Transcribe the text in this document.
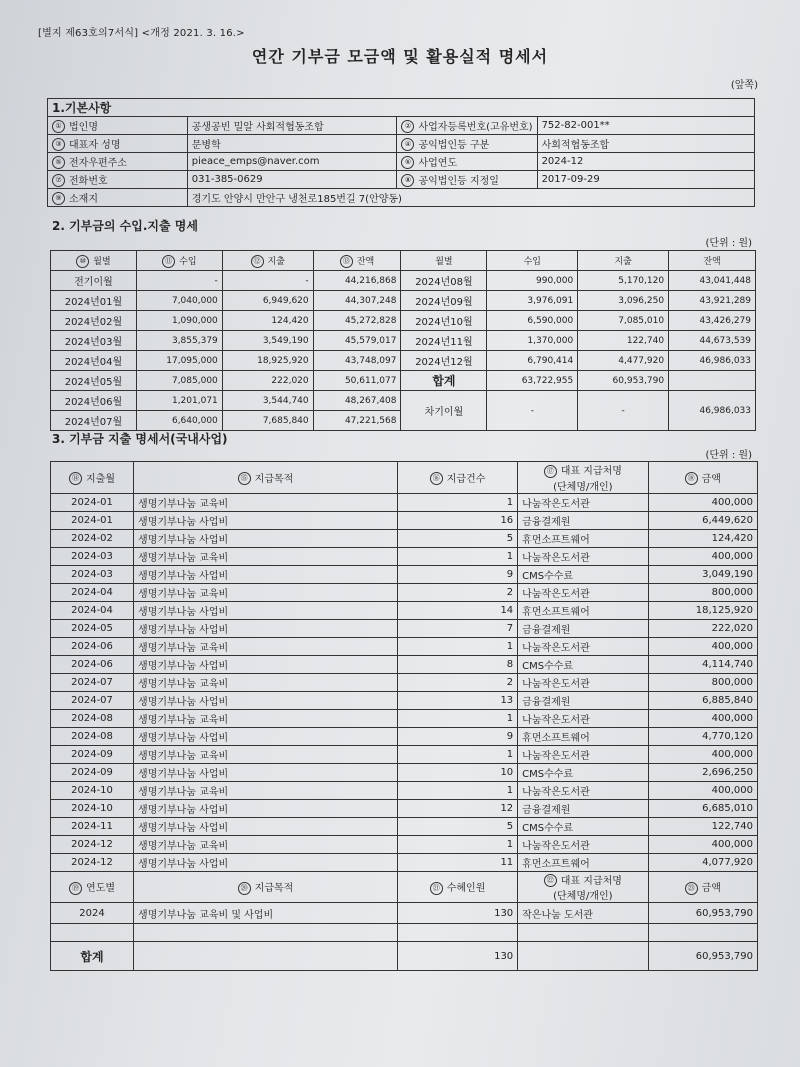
[별지 제63호의7서식] <개정 2021. 3. 16.>
연간 기부금 모금액 및 활용실적 명세서
(앞쪽)
1.기본사항			
① 법인명	공생공빈 밀알 사회적협동조합	② 사업자등록번호(고유번호)	752-82-001**
③ 대표자 성명	문병학	④ 공익법인등 구분	사회적협동조합
⑤ 전자우편주소	pieace_emps@naver.com	⑥ 사업연도	2024-12
⑦ 전화번호	031-385-0629	⑧ 공익법인등 지정일	2017-09-29
⑨ 소재지	경기도 안양시 만안구 냉천로185번길 7(안양동)		
2. 기부금의 수입.지출 명세
(단위 : 원)
⑩ 월별	⑪ 수입	⑫ 지출	⑬ 잔액	월별	수입	지출	잔액
전기이월	-	-	44,216,868	2024년08월	990,000	5,170,120	43,041,448
2024년01월	7,040,000	6,949,620	44,307,248	2024년09월	3,976,091	3,096,250	43,921,289
2024년02월	1,090,000	124,420	45,272,828	2024년10월	6,590,000	7,085,010	43,426,279
2024년03월	3,855,379	3,549,190	45,579,017	2024년11월	1,370,000	122,740	44,673,539
2024년04월	17,095,000	18,925,920	43,748,097	2024년12월	6,790,414	4,477,920	46,986,033
2024년05월	7,085,000	222,020	50,611,077	합계	63,722,955	60,953,790	
2024년06월	1,201,071	3,544,740	48,267,408	차기이월	-	-	46,986,033
2024년07월	6,640,000	7,685,840	47,221,568				
3. 기부금 지출 명세서(국내사업)
(단위 : 원)
⑭ 지출월	⑮ 지급목적	⑯ 지급건수	⑰ 대표 지급처명
(단체명/개인)	⑱ 금액
2024-01	생명기부나눔 교육비	1	나눔작은도서관	400,000
2024-01	생명기부나눔 사업비	16	금융결제원	6,449,620
2024-02	생명기부나눔 사업비	5	휴먼소프트웨어	124,420
2024-03	생명기부나눔 교육비	1	나눔작은도서관	400,000
2024-03	생명기부나눔 사업비	9	CMS수수료	3,049,190
2024-04	생명기부나눔 교육비	2	나눔작은도서관	800,000
2024-04	생명기부나눔 사업비	14	휴먼소프트웨어	18,125,920
2024-05	생명기부나눔 사업비	7	금융결제원	222,020
2024-06	생명기부나눔 교육비	1	나눔작은도서관	400,000
2024-06	생명기부나눔 사업비	8	CMS수수료	4,114,740
2024-07	생명기부나눔 교육비	2	나눔작은도서관	800,000
2024-07	생명기부나눔 사업비	13	금융결제원	6,885,840
2024-08	생명기부나눔 교육비	1	나눔작은도서관	400,000
2024-08	생명기부나눔 사업비	9	휴먼소프트웨어	4,770,120
2024-09	생명기부나눔 교육비	1	나눔작은도서관	400,000
2024-09	생명기부나눔 사업비	10	CMS수수료	2,696,250
2024-10	생명기부나눔 교육비	1	나눔작은도서관	400,000
2024-10	생명기부나눔 사업비	12	금융결제원	6,685,010
2024-11	생명기부나눔 사업비	5	CMS수수료	122,740
2024-12	생명기부나눔 교육비	1	나눔작은도서관	400,000
2024-12	생명기부나눔 사업비	11	휴먼소프트웨어	4,077,920
⑲ 연도별	⑳ 지급목적	㉑ 수혜인원	㉒ 대표 지급처명
(단체명/개인)	㉓ 금액
2024	생명기부나눔 교육비 및 사업비	130	작은나눔 도서관	60,953,790

합계		130		60,953,790
